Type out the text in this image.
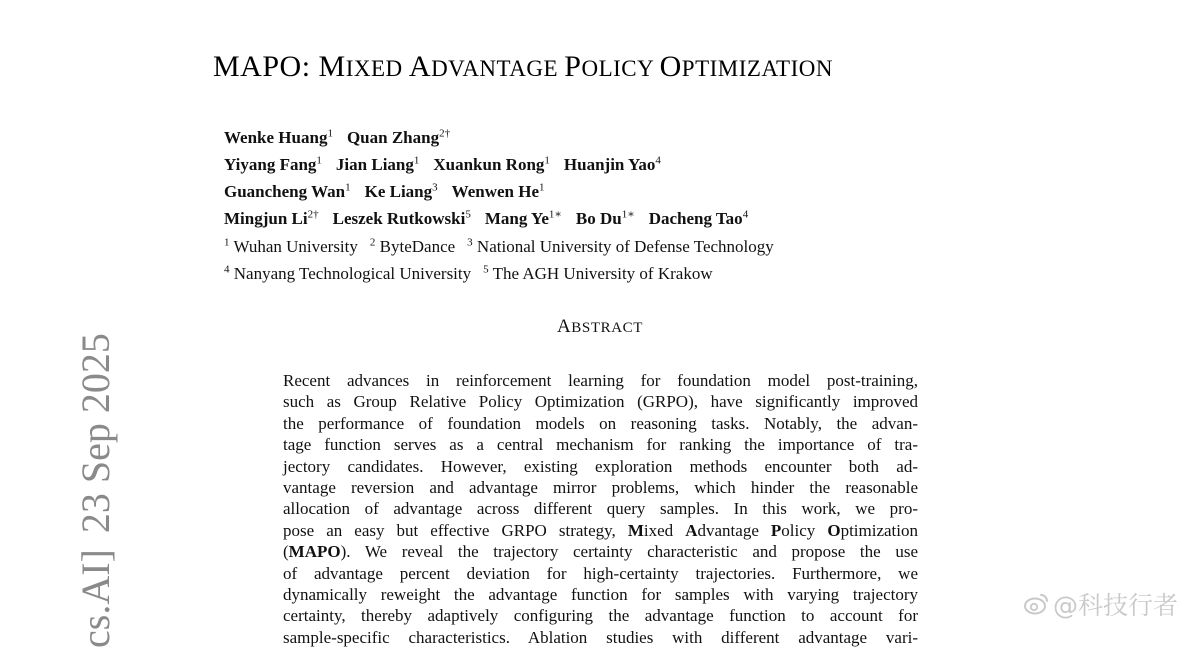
MAPO: MIXED ADVANTAGE POLICY OPTIMIZATION
Wenke Huang$^1$ Quan Zhang$^{2\dagger}$
Yiyang Fang$^1$ Jian Liang$^1$ Xuankun Rong$^1$ Huanjin Yao$^4$
Guancheng Wan$^1$ Ke Liang$^3$ Wenwen He$^1$
Mingjun $Li^{2\dagger}$ Leszek Rutkowski$^5$ Mang $Ye^{1∗}$ Bo $Du^{1∗}$ Dacheng Tao$^4$
$^1$ Wuhan University $^2$ ByteDance $^3$ National University of Defense Technology
$^4$ Nanyang Technological University $^5$ The AGH University of Krakow
ABSTRACT
Recent advances in reinforcement learning for foundation model post-training,
such as Group Relative Policy Optimization (GRPO), have significantly improved
the performance of foundation models on reasoning tasks. Notably, the advan-
tage function serves as a central mechanism for ranking the importance of tra-
jectory candidates. However, existing exploration methods encounter both ad-
vantage reversion and advantage mirror problems, which hinder the reasonable
allocation of advantage across different query samples. In this work, we pro-
pose an easy but effective GRPO strategy, Mixed Advantage Policy Optimization
(MAPO). We reveal the trajectory certainty characteristic and propose the use
of advantage percent deviation for high-certainty trajectories. Furthermore, we
dynamically reweight the advantage function for samples with varying trajectory
certainty, thereby adaptively configuring the advantage function to account for
sample-specific characteristics. Ablation studies with different advantage vari-
cs.AI]23 Sep 2025
@科技行者
